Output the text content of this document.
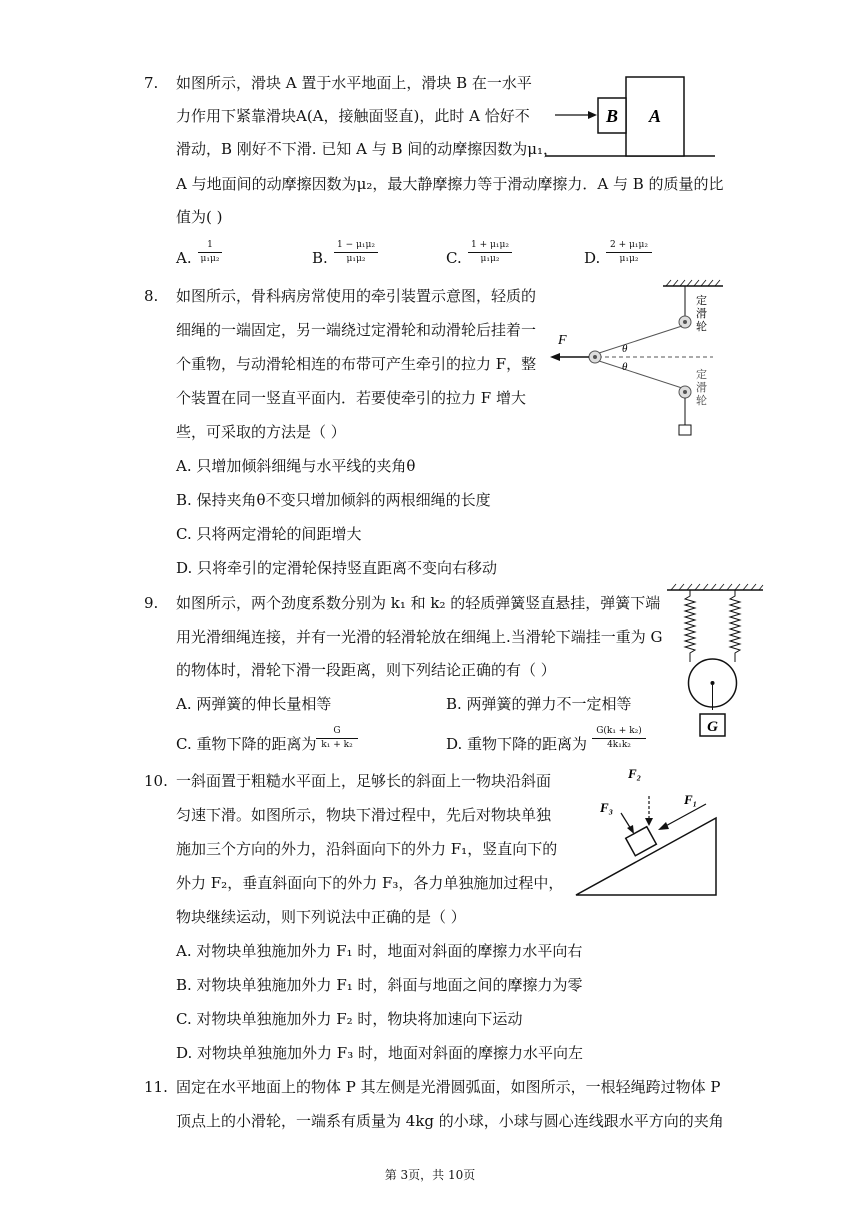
7. 如图所示，滑块 A 置于水平地面上，滑块 B 在一水平
力作用下紧靠滑块A(A，接触面竖直)，此时 A 恰好不
滑动，B 刚好不下滑. 已知 A 与 B 间的动摩擦因数为μ₁，
A 与地面间的动摩擦因数为μ₂，最大静摩擦力等于滑动摩擦力．A 与 B 的质量的比
值为( )
B A
A.
1
μ₁μ₂	B.
1 − μ₁μ₂
μ₁μ₂	C.
1 + μ₁μ₂
μ₁μ₂	D.
2 + μ₁μ₂
μ₁μ₂
8. 如图所示，骨科病房常使用的牵引装置示意图，轻质的
细绳的一端固定，另一端绕过定滑轮和动滑轮后挂着一
个重物，与动滑轮相连的布带可产生牵引的拉力 F，整
个装置在同一竖直平面内．若要使牵引的拉力 F 增大
些，可采取的方法是（ ）
F
θ
θ
定滑轮
定滑轮
A. 只增加倾斜细绳与水平线的夹角θ
B. 保持夹角θ不变只增加倾斜的两根细绳的长度
C. 只将两定滑轮的间距增大
D. 只将牵引的定滑轮保持竖直距离不变向右移动
9. 如图所示，两个劲度系数分别为 k₁ 和 k₂ 的轻质弹簧竖直悬挂，弹簧下端
用光滑细绳连接，并有一光滑的轻滑轮放在细绳上.当滑轮下端挂一重为 G
的物体时，滑轮下滑一段距离，则下列结论正确的有（ ）
A. 两弹簧的伸长量相等	B. 两弹簧的弹力不一定相等
C. 重物下降的距离为
G
k₁ + k₂	D. 重物下降的距离为
G(k₁ + k₂)
4k₁k₂
G
10. 一斜面置于粗糙水平面上，足够长的斜面上一物块沿斜面
匀速下滑。如图所示，物块下滑过程中，先后对物块单独
施加三个方向的外力，沿斜面向下的外力 F₁，竖直向下的
外力 F₂，垂直斜面向下的外力 F₃，各力单独施加过程中，
物块继续运动，则下列说法中正确的是（ ）
F₁
F₂
F₃
A. 对物块单独施加外力 F₁ 时，地面对斜面的摩擦力水平向右
B. 对物块单独施加外力 F₁ 时，斜面与地面之间的摩擦力为零
C. 对物块单独施加外力 F₂ 时，物块将加速向下运动
D. 对物块单独施加外力 F₃ 时，地面对斜面的摩擦力水平向左
11. 固定在水平地面上的物体 P 其左侧是光滑圆弧面，如图所示，一根轻绳跨过物体 P
顶点上的小滑轮，一端系有质量为 4kg 的小球，小球与圆心连线跟水平方向的夹角
第 3页，共 10页
